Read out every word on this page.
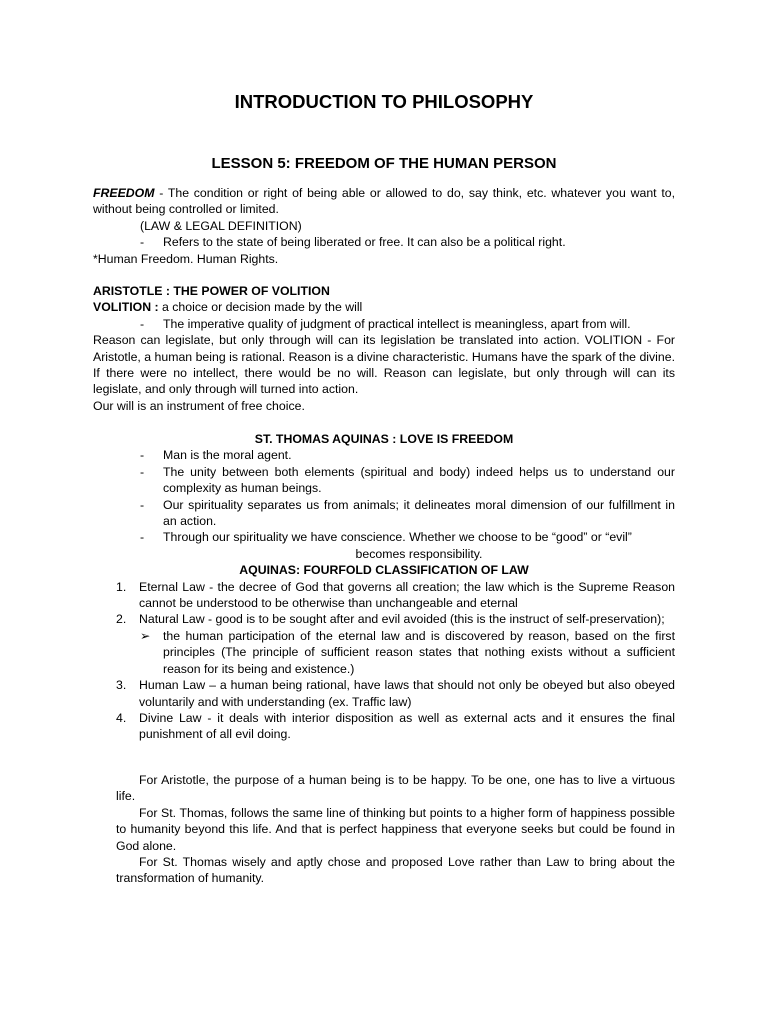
INTRODUCTION TO PHILOSOPHY
LESSON 5: FREEDOM OF THE HUMAN PERSON

FREEDOM - The condition or right of being able or allowed to do, say think, etc. whatever you want to, without being controlled or limited.

(LAW & LEGAL DEFINITION)

- Refers to the state of being liberated or free. It can also be a political right.

*Human Freedom. Human Rights.

ARISTOTLE : THE POWER OF VOLITION

VOLITION : a choice or decision made by the will

- The imperative quality of judgment of practical intellect is meaningless, apart from will.

Reason can legislate, but only through will can its legislation be translated into action. VOLITION - For Aristotle, a human being is rational. Reason is a divine characteristic. Humans have the spark of the divine. If there were no intellect, there would be no will. Reason can legislate, but only through will can its legislate, and only through will turned into action.

Our will is an instrument of free choice.

ST. THOMAS AQUINAS : LOVE IS FREEDOM

- Man is the moral agent.

- The unity between both elements (spiritual and body) indeed helps us to understand our complexity as human beings.

- Our spirituality separates us from animals; it delineates moral dimension of our fulfillment in an action.

- Through our spirituality we have conscience. Whether we choose to be “good” or “evil”

becomes responsibility.

AQUINAS: FOURFOLD CLASSIFICATION OF LAW

1. Eternal Law - the decree of God that governs all creation; the law which is the Supreme Reason cannot be understood to be otherwise than unchangeable and eternal

2. Natural Law - good is to be sought after and evil avoided (this is the instruct of self-preservation);

➢ the human participation of the eternal law and is discovered by reason, based on the first principles (The principle of sufficient reason states that nothing exists without a sufficient reason for its being and existence.)

3. Human Law – a human being rational, have laws that should not only be obeyed but also obeyed voluntarily and with understanding (ex. Traffic law)

4. Divine Law - it deals with interior disposition as well as external acts and it ensures the final punishment of all evil doing.

For Aristotle, the purpose of a human being is to be happy. To be one, one has to live a virtuous life.

For St. Thomas, follows the same line of thinking but points to a higher form of happiness possible to humanity beyond this life. And that is perfect happiness that everyone seeks but could be found in God alone.

For St. Thomas wisely and aptly chose and proposed Love rather than Law to bring about the transformation of humanity.
